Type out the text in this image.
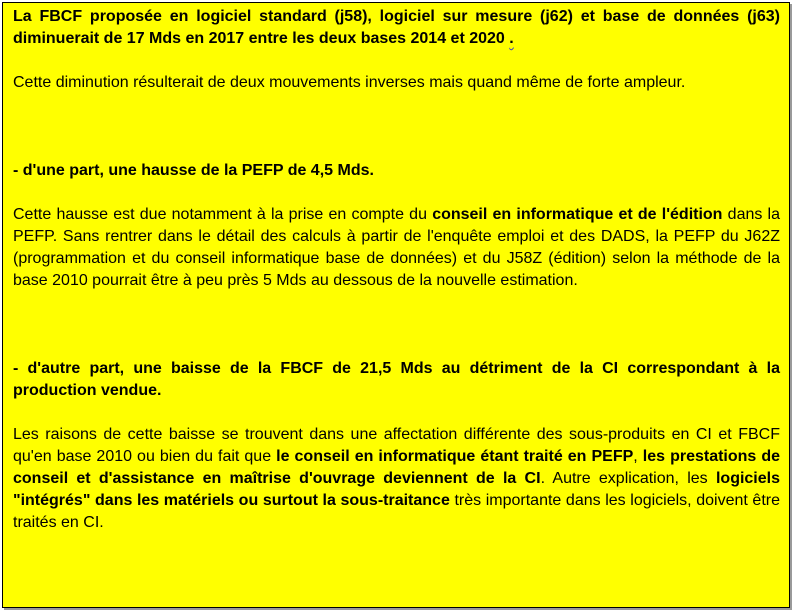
La FBCF proposée en logiciel standard (j58), logiciel sur mesure (j62) et base de données (j63) diminuerait de 17 Mds en 2017 entre les deux bases 2014 et 2020 .

Cette diminution résulterait de deux mouvements inverses mais quand même de forte ampleur.

- d'une part, une hausse de la PEFP de 4,5 Mds.

Cette hausse est due notamment à la prise en compte du conseil en informatique et de l'édition dans la PEFP. Sans rentrer dans le détail des calculs à partir de l'enquête emploi et des DADS, la PEFP du J62Z (programmation et du conseil informatique base de données) et du J58Z (édition) selon la méthode de la base 2010 pourrait être à peu près 5 Mds au dessous de la nouvelle estimation.

- d'autre part, une baisse de la FBCF de 21,5 Mds au détriment de la CI correspondant à la production vendue.

Les raisons de cette baisse se trouvent dans une affectation différente des sous-produits en CI et FBCF qu'en base 2010 ou bien du fait que le conseil en informatique étant traité en PEFP, les prestations de conseil et d'assistance en maîtrise d'ouvrage deviennent de la CI. Autre explication, les logiciels "intégrés" dans les matériels ou surtout la sous-traitance très importante dans les logiciels, doivent être traités en CI.
